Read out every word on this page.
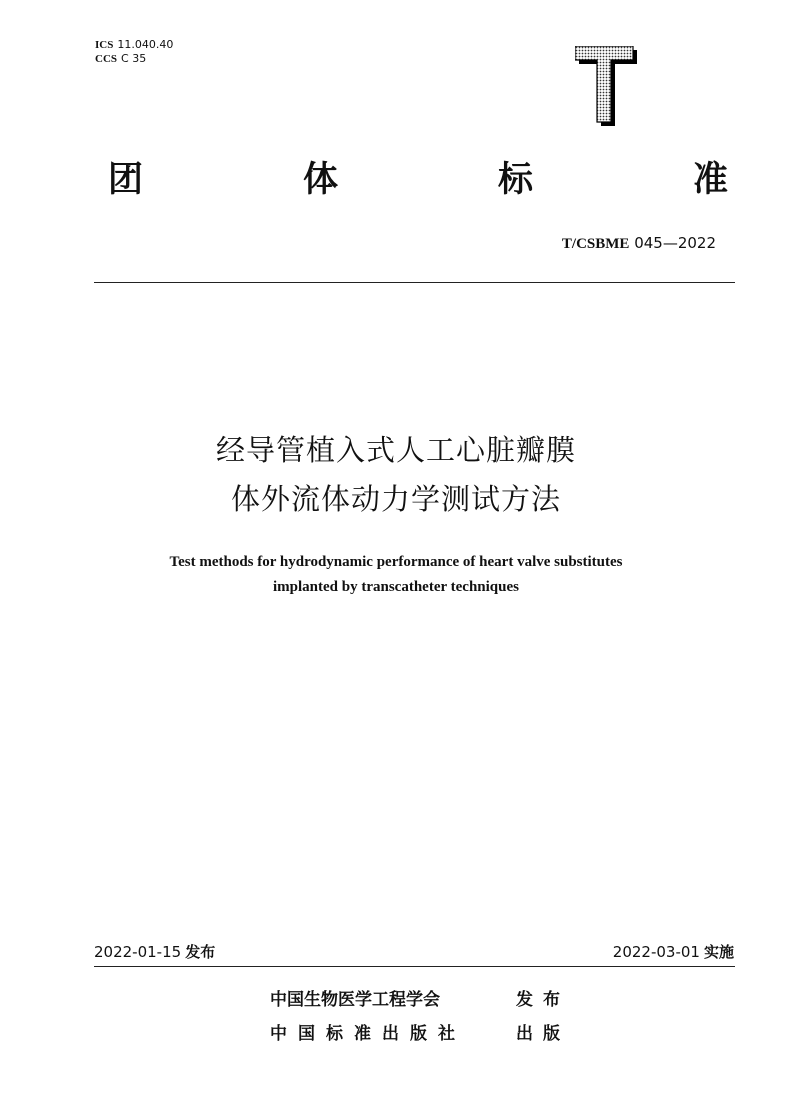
ICS 11.040.40
CCS C 35
团	体	标	准
T/CSBME 045—2022
经导管植入式人工心脏瓣膜
体外流体动力学测试方法
Test methods for hydrodynamic performance of heart valve substitutes
implanted by transcatheter techniques
2022-01-15 发布	2022-03-01 实施
中国生物医学工程学会	发布
中国标准出版社	出版
